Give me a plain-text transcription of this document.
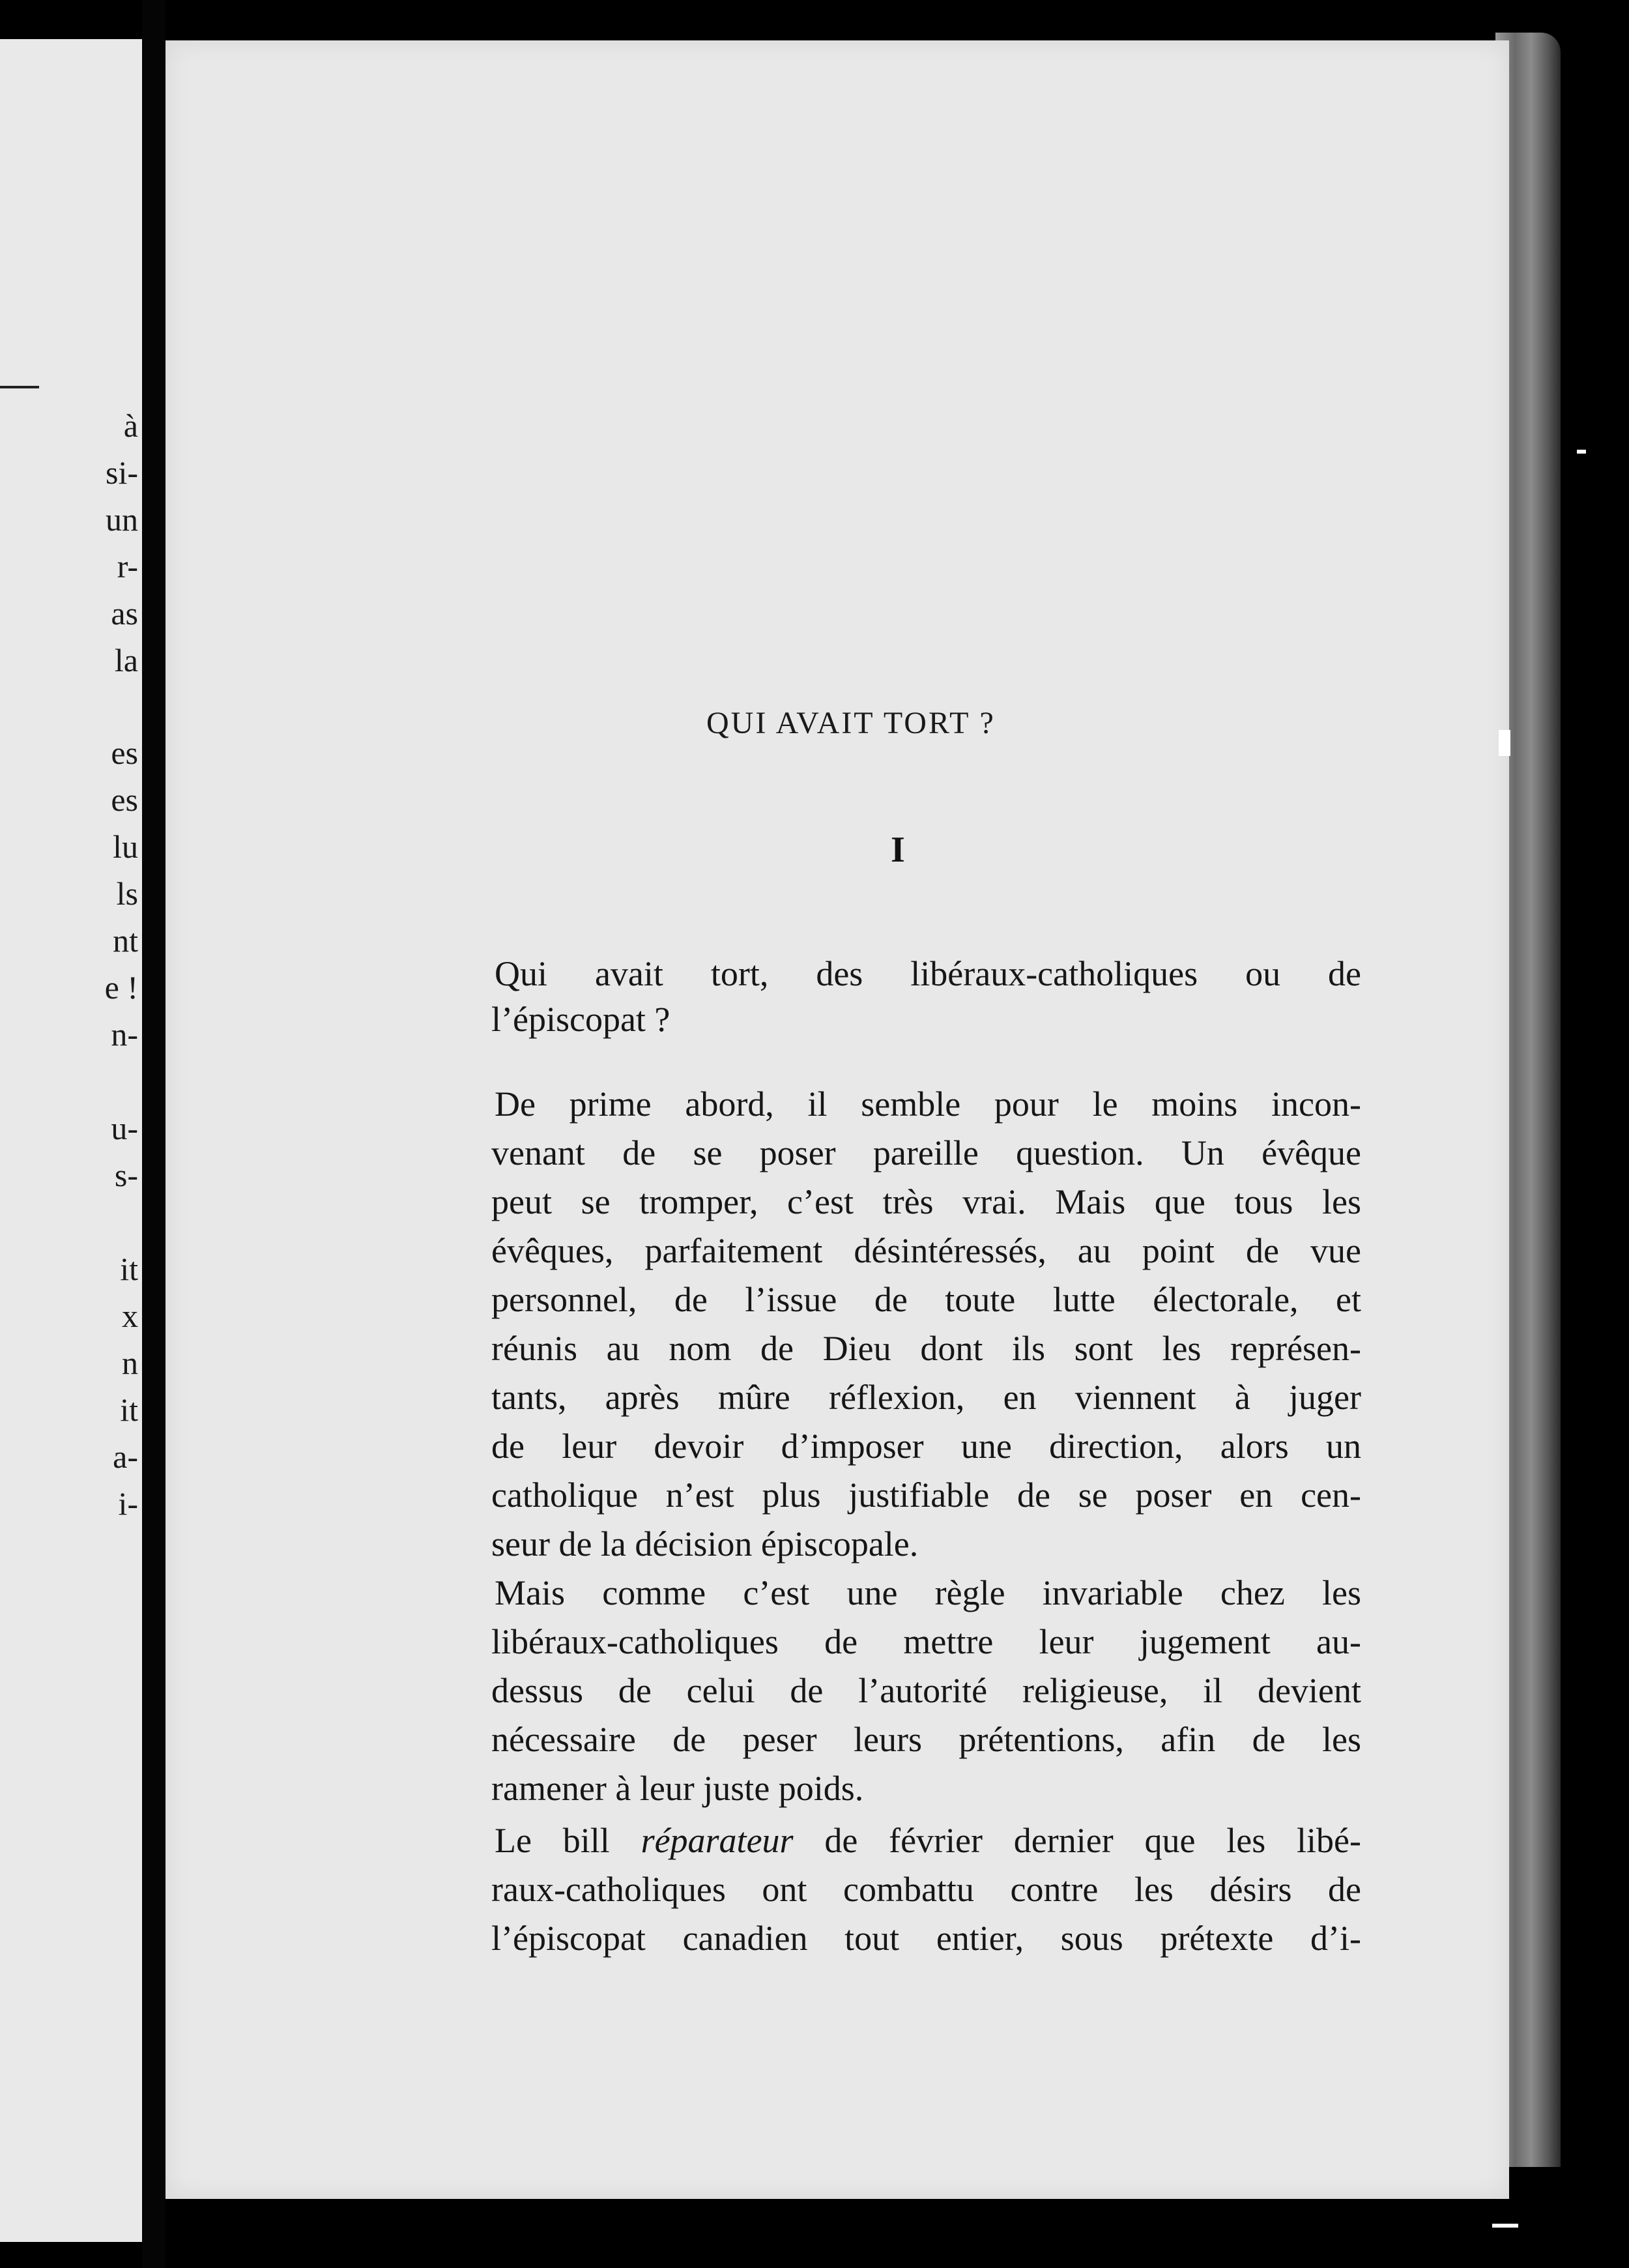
à
si-
un
r-
as
la
es
es
lu
ls
nt
e !
n-
u-
s-
it
x
n
it
a-
i-
QUI AVAIT TORT ?
I
Qui avait tort, des libéraux-catholiques ou de
l’épiscopat ?
De prime abord, il semble pour le moins incon-
venant de se poser pareille question. Un évêque
peut se tromper, c’est très vrai. Mais que tous les
évêques, parfaitement désintéressés, au point de vue
personnel, de l’issue de toute lutte électorale, et
réunis au nom de Dieu dont ils sont les représen-
tants, après mûre réflexion, en viennent à juger
de leur devoir d’imposer une direction, alors un
catholique n’est plus justifiable de se poser en cen-
seur de la décision épiscopale.
Mais comme c’est une règle invariable chez les
libéraux-catholiques de mettre leur jugement au-
dessus de celui de l’autorité religieuse, il devient
nécessaire de peser leurs prétentions, afin de les
ramener à leur juste poids.
Le bill réparateur de février dernier que les libé-
raux-catholiques ont combattu contre les désirs de
l’épiscopat canadien tout entier, sous prétexte d’i-
